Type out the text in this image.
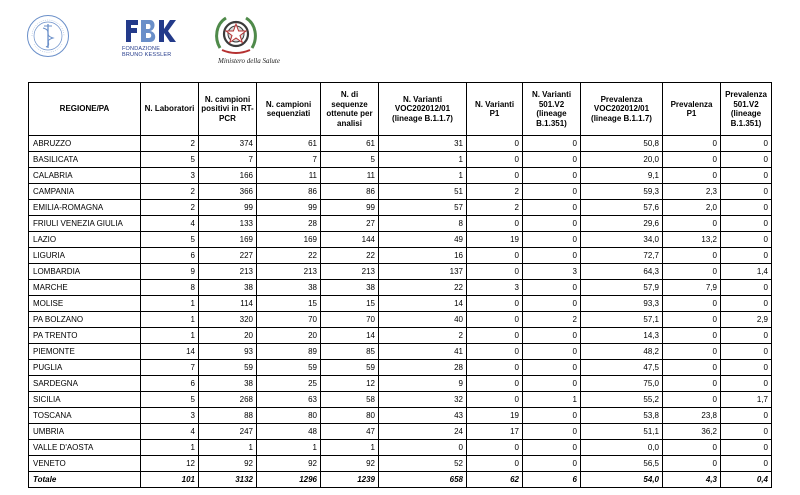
FONDAZIONE
BRUNO KESSLER
Ministero della Salute
REGIONE/PA	N. Laboratori	N. campioni positivi in RT-PCR	N. campioni sequenziati	N. di sequenze ottenute per analisi	N. Varianti VOC202012/01 (lineage B.1.1.7)	N. Varianti P1	N. Varianti 501.V2 (lineage B.1.351)	Prevalenza VOC202012/01 (lineage B.1.1.7)	Prevalenza P1	Prevalenza 501.V2 (lineage B.1.351)
ABRUZZO	2	374	61	61	31	0	0	50,8	0	0
BASILICATA	5	7	7	5	1	0	0	20,0	0	0
CALABRIA	3	166	11	11	1	0	0	9,1	0	0
CAMPANIA	2	366	86	86	51	2	0	59,3	2,3	0
EMILIA-ROMAGNA	2	99	99	99	57	2	0	57,6	2,0	0
FRIULI VENEZIA GIULIA	4	133	28	27	8	0	0	29,6	0	0
LAZIO	5	169	169	144	49	19	0	34,0	13,2	0
LIGURIA	6	227	22	22	16	0	0	72,7	0	0
LOMBARDIA	9	213	213	213	137	0	3	64,3	0	1,4
MARCHE	8	38	38	38	22	3	0	57,9	7,9	0
MOLISE	1	114	15	15	14	0	0	93,3	0	0
PA BOLZANO	1	320	70	70	40	0	2	57,1	0	2,9
PA TRENTO	1	20	20	14	2	0	0	14,3	0	0
PIEMONTE	14	93	89	85	41	0	0	48,2	0	0
PUGLIA	7	59	59	59	28	0	0	47,5	0	0
SARDEGNA	6	38	25	12	9	0	0	75,0	0	0
SICILIA	5	268	63	58	32	0	1	55,2	0	1,7
TOSCANA	3	88	80	80	43	19	0	53,8	23,8	0
UMBRIA	4	247	48	47	24	17	0	51,1	36,2	0
VALLE D'AOSTA	1	1	1	1	0	0	0	0,0	0	0
VENETO	12	92	92	92	52	0	0	56,5	0	0
Totale	101	3132	1296	1239	658	62	6	54,0	4,3	0,4
